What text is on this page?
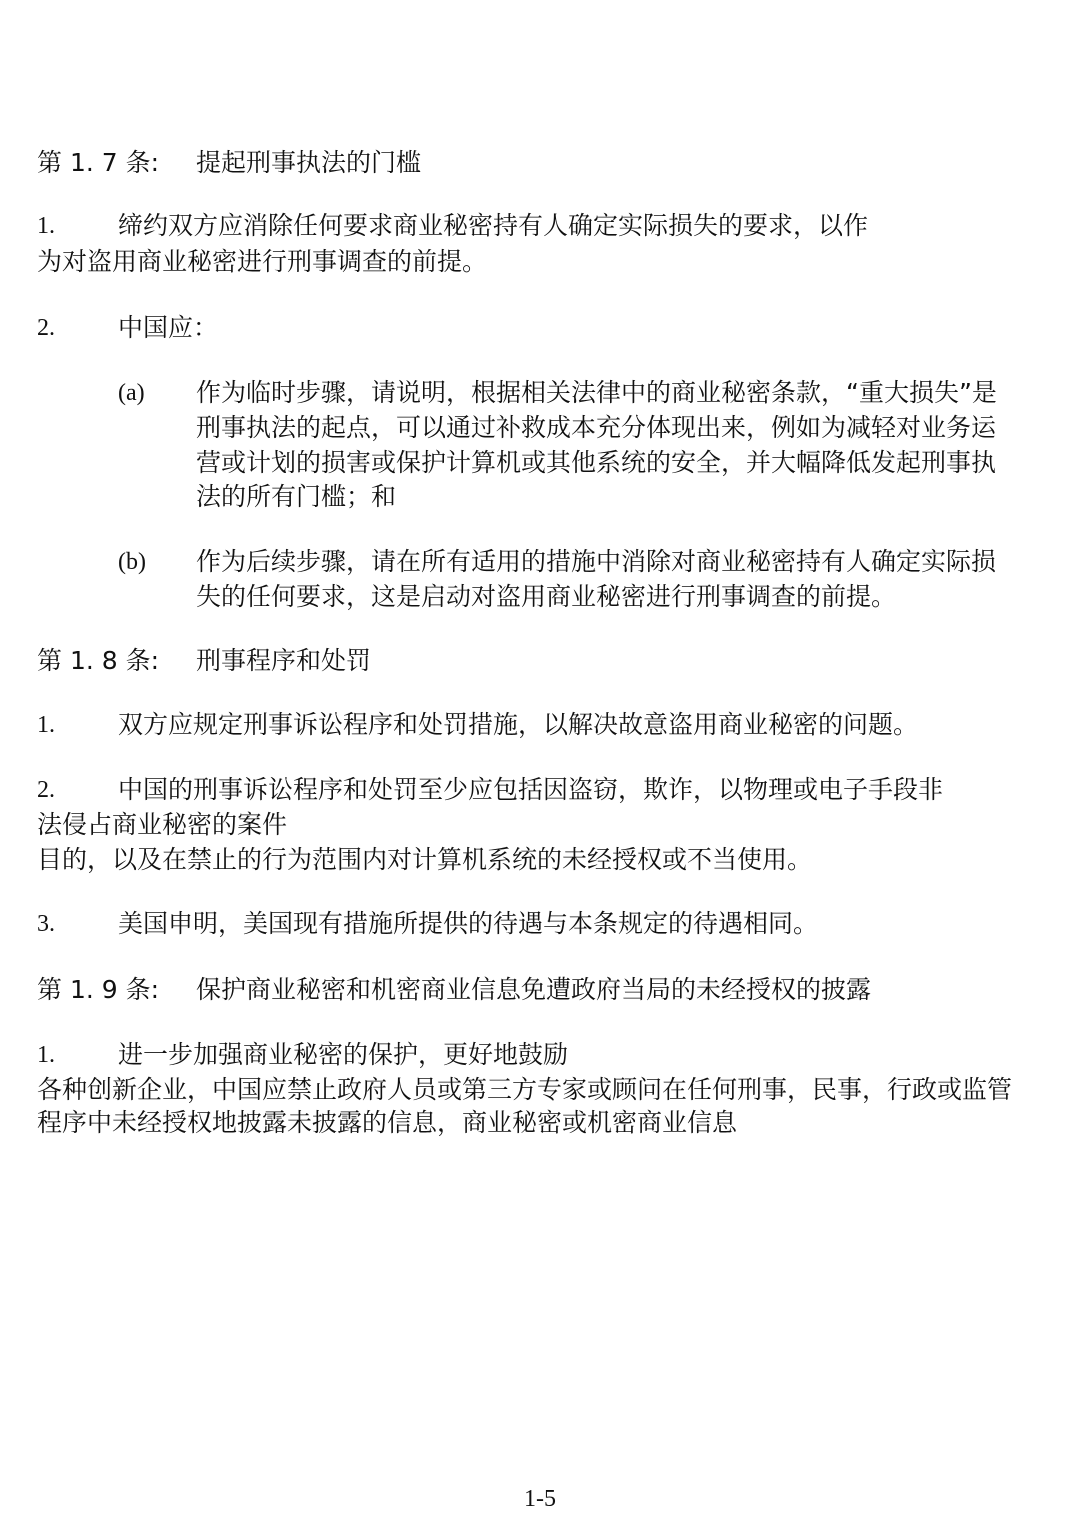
第 1. 7 条: 提起刑事执法的门槛
1.	缔约双方应消除任何要求商业秘密持有人确定实际损失的要求，以作
为对盗用商业秘密进行刑事调查的前提。
2.	中国应：
(a) 作为临时步骤，请说明，根据相关法律中的商业秘密条款，“重大损失”是
刑事执法的起点，可以通过补救成本充分体现出来，例如为减轻对业务运
营或计划的损害或保护计算机或其他系统的安全，并大幅降低发起刑事执
法的所有门槛；和
(b) 作为后续步骤，请在所有适用的措施中消除对商业秘密持有人确定实际损
失的任何要求，这是启动对盗用商业秘密进行刑事调查的前提。
第 1. 8 条: 刑事程序和处罚
1.	双方应规定刑事诉讼程序和处罚措施，以解决故意盗用商业秘密的问题。
2.	中国的刑事诉讼程序和处罚至少应包括因盗窃，欺诈，以物理或电子手段非
法侵占商业秘密的案件
目的，以及在禁止的行为范围内对计算机系统的未经授权或不当使用。
3.	美国申明，美国现有措施所提供的待遇与本条规定的待遇相同。
第 1. 9 条: 保护商业秘密和机密商业信息免遭政府当局的未经授权的披露
1.	进一步加强商业秘密的保护，更好地鼓励
各种创新企业，中国应禁止政府人员或第三方专家或顾问在任何刑事，民事，行政或监管
程序中未经授权地披露未披露的信息，商业秘密或机密商业信息
1-5
